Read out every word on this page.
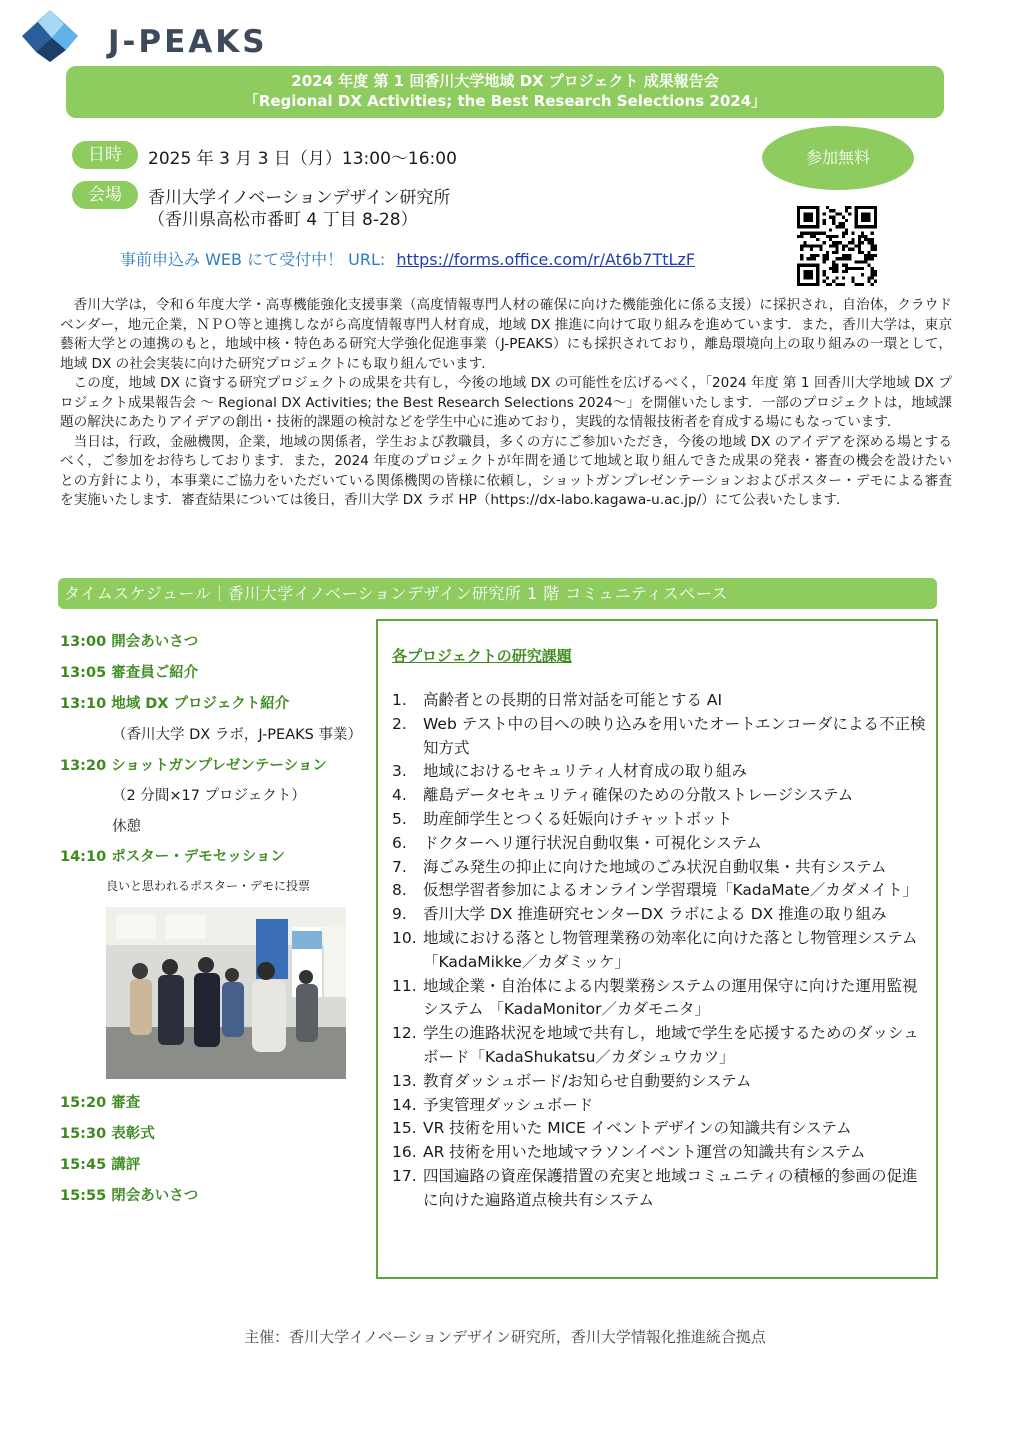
J-PEAKS
2024 年度 第 1 回香川大学地域 DX プロジェクト 成果報告会
「Regional DX Activities; the Best Research Selections 2024」
日時	2025 年 3 月 3 日（月）13:00～16:00
会場	香川大学イノベーションデザイン研究所
（香川県高松市番町 4 丁目 8-28）
参加無料
事前申込み WEB にて受付中！ URL: https://forms.office.com/r/At6b7TtLzF

香川大学は，令和６年度大学・高専機能強化支援事業（高度情報専門人材の確保に向けた機能強化に係る支援）に採択され，自治体，クラウドベンダー，地元企業，ＮＰＯ等と連携しながら高度情報専門人材育成，地域 DX 推進に向けて取り組みを進めています．また，香川大学は，東京藝術大学との連携のもと，地域中核・特色ある研究大学強化促進事業（J-PEAKS）にも採択されており，離島環境向上の取り組みの一環として，地域 DX の社会実装に向けた研究プロジェクトにも取り組んでいます．

この度，地域 DX に資する研究プロジェクトの成果を共有し，今後の地域 DX の可能性を広げるべく，「2024 年度 第 1 回香川大学地域 DX プロジェクト成果報告会 ～ Regional DX Activities; the Best Research Selections 2024～」を開催いたします．一部のプロジェクトは，地域課題の解決にあたりアイデアの創出・技術的課題の検討などを学生中心に進めており，実践的な情報技術者を育成する場にもなっています．

当日は，行政，金融機関，企業，地域の関係者，学生および教職員，多くの方にご参加いただき，今後の地域 DX のアイデアを深める場とするべく，ご参加をお待ちしております．また，2024 年度のプロジェクトが年間を通じて地域と取り組んできた成果の発表・審査の機会を設けたいとの方針により，本事業にご協力をいただいている関係機関の皆様に依頼し，ショットガンプレゼンテーションおよびポスター・デモによる審査を実施いたします．審査結果については後日，香川大学 DX ラボ HP（https://dx-labo.kagawa-u.ac.jp/）にて公表いたします．

タイムスケジュール｜香川大学イノベーションデザイン研究所 1 階 コミュニティスペース
13:00 開会あいさつ
13:05 審査員ご紹介
13:10 地域 DX プロジェクト紹介
（香川大学 DX ラボ，J-PEAKS 事業）
13:20 ショットガンプレゼンテーション
（2 分間×17 プロジェクト）
休憩
14:10 ポスター・デモセッション
良いと思われるポスター・デモに投票
15:20 審査
15:30 表彰式
15:45 講評
15:55 閉会あいさつ
各プロジェクトの研究課題
1. 高齢者との長期的日常対話を可能とする AI
2. Web テスト中の目への映り込みを用いたオートエンコーダによる不正検知方式
3. 地域におけるセキュリティ人材育成の取り組み
4. 離島データセキュリティ確保のための分散ストレージシステム
5. 助産師学生とつくる妊娠向けチャットボット
6. ドクターヘリ運行状況自動収集・可視化システム
7. 海ごみ発生の抑止に向けた地域のごみ状況自動収集・共有システム
8. 仮想学習者参加によるオンライン学習環境「KadaMate／カダメイト」
9. 香川大学 DX 推進研究センターDX ラボによる DX 推進の取り組み
10. 地域における落とし物管理業務の効率化に向けた落とし物管理システム「KadaMikke／カダミッケ」
11. 地域企業・自治体による内製業務システムの運用保守に向けた運用監視システム 「KadaMonitor／カダモニタ」
12. 学生の進路状況を地域で共有し，地域で学生を応援するためのダッシュボード「KadaShukatsu／カダシュウカツ」
13. 教育ダッシュボード/お知らせ自動要約システム
14. 予実管理ダッシュボード
15. VR 技術を用いた MICE イベントデザインの知識共有システム
16. AR 技術を用いた地域マラソンイベント運営の知識共有システム
17. 四国遍路の資産保護措置の充実と地域コミュニティの積極的参画の促進に向けた遍路道点検共有システム
主催：香川大学イノベーションデザイン研究所，香川大学情報化推進統合拠点
